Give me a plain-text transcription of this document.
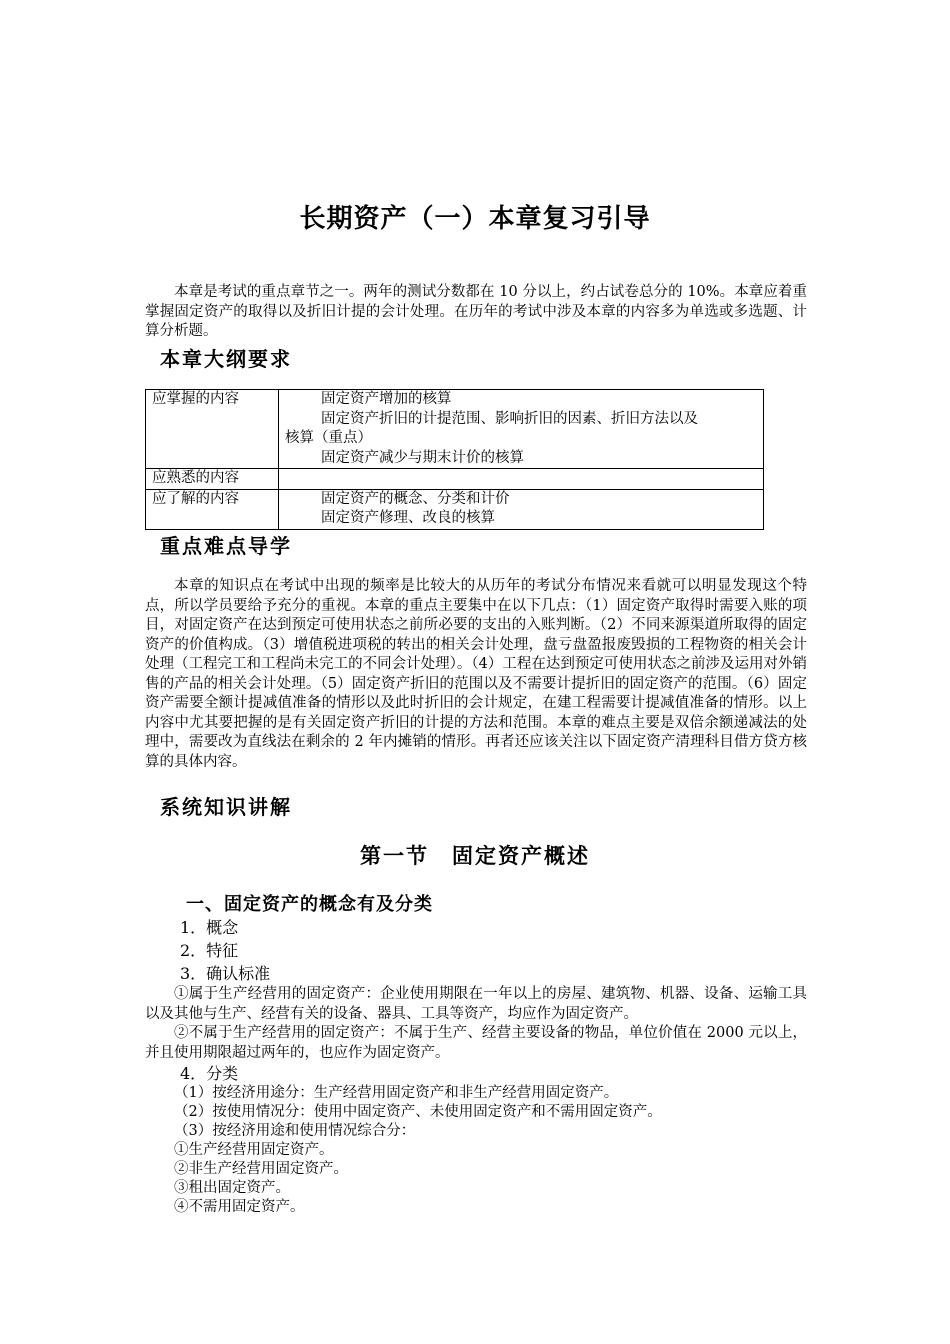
长期资产（一）本章复习引导
本章是考试的重点章节之一。两年的测试分数都在 10 分以上，约占试卷总分的 10%。本章应着重掌握固定资产的取得以及折旧计提的会计处理。在历年的考试中涉及本章的内容多为单选或多选题、计算分析题。
本章大纲要求
应掌握的内容	固定资产增加的核算
固定资产折旧的计提范围、影响折旧的因素、折旧方法以及
核算（重点）
固定资产减少与期末计价的核算

应熟悉的内容	
应了解的内容	固定资产的概念、分类和计价
固定资产修理、改良的核算
重点难点导学
本章的知识点在考试中出现的频率是比较大的从历年的考试分布情况来看就可以明显发现这个特点，所以学员要给予充分的重视。本章的重点主要集中在以下几点：（1）固定资产取得时需要入账的项目，对固定资产在达到预定可使用状态之前所必要的支出的入账判断。（2）不同来源渠道所取得的固定资产的价值构成。（3）增值税进项税的转出的相关会计处理，盘亏盘盈报废毁损的工程物资的相关会计处理（工程完工和工程尚未完工的不同会计处理）。（4）工程在达到预定可使用状态之前涉及运用对外销售的产品的相关会计处理。（5）固定资产折旧的范围以及不需要计提折旧的固定资产的范围。（6）固定资产需要全额计提减值准备的情形以及此时折旧的会计规定，在建工程需要计提减值准备的情形。以上内容中尤其要把握的是有关固定资产折旧的计提的方法和范围。本章的难点主要是双倍余额递减法的处理中，需要改为直线法在剩余的 2 年内摊销的情形。再者还应该关注以下固定资产清理科目借方贷方核算的具体内容。
系统知识讲解
第一节　固定资产概述
一、固定资产的概念有及分类
1．概念
2．特征
3．确认标准
①属于生产经营用的固定资产：企业使用期限在一年以上的房屋、建筑物、机器、设备、运输工具以及其他与生产、经营有关的设备、器具、工具等资产，均应作为固定资产。
②不属于生产经营用的固定资产：不属于生产、经营主要设备的物品，单位价值在 2000 元以上，并且使用期限超过两年的，也应作为固定资产。
4．分类
（1）按经济用途分：生产经营用固定资产和非生产经营用固定资产。
（2）按使用情况分：使用中固定资产、未使用固定资产和不需用固定资产。
（3）按经济用途和使用情况综合分：
①生产经营用固定资产。
②非生产经营用固定资产。
③租出固定资产。
④不需用固定资产。
